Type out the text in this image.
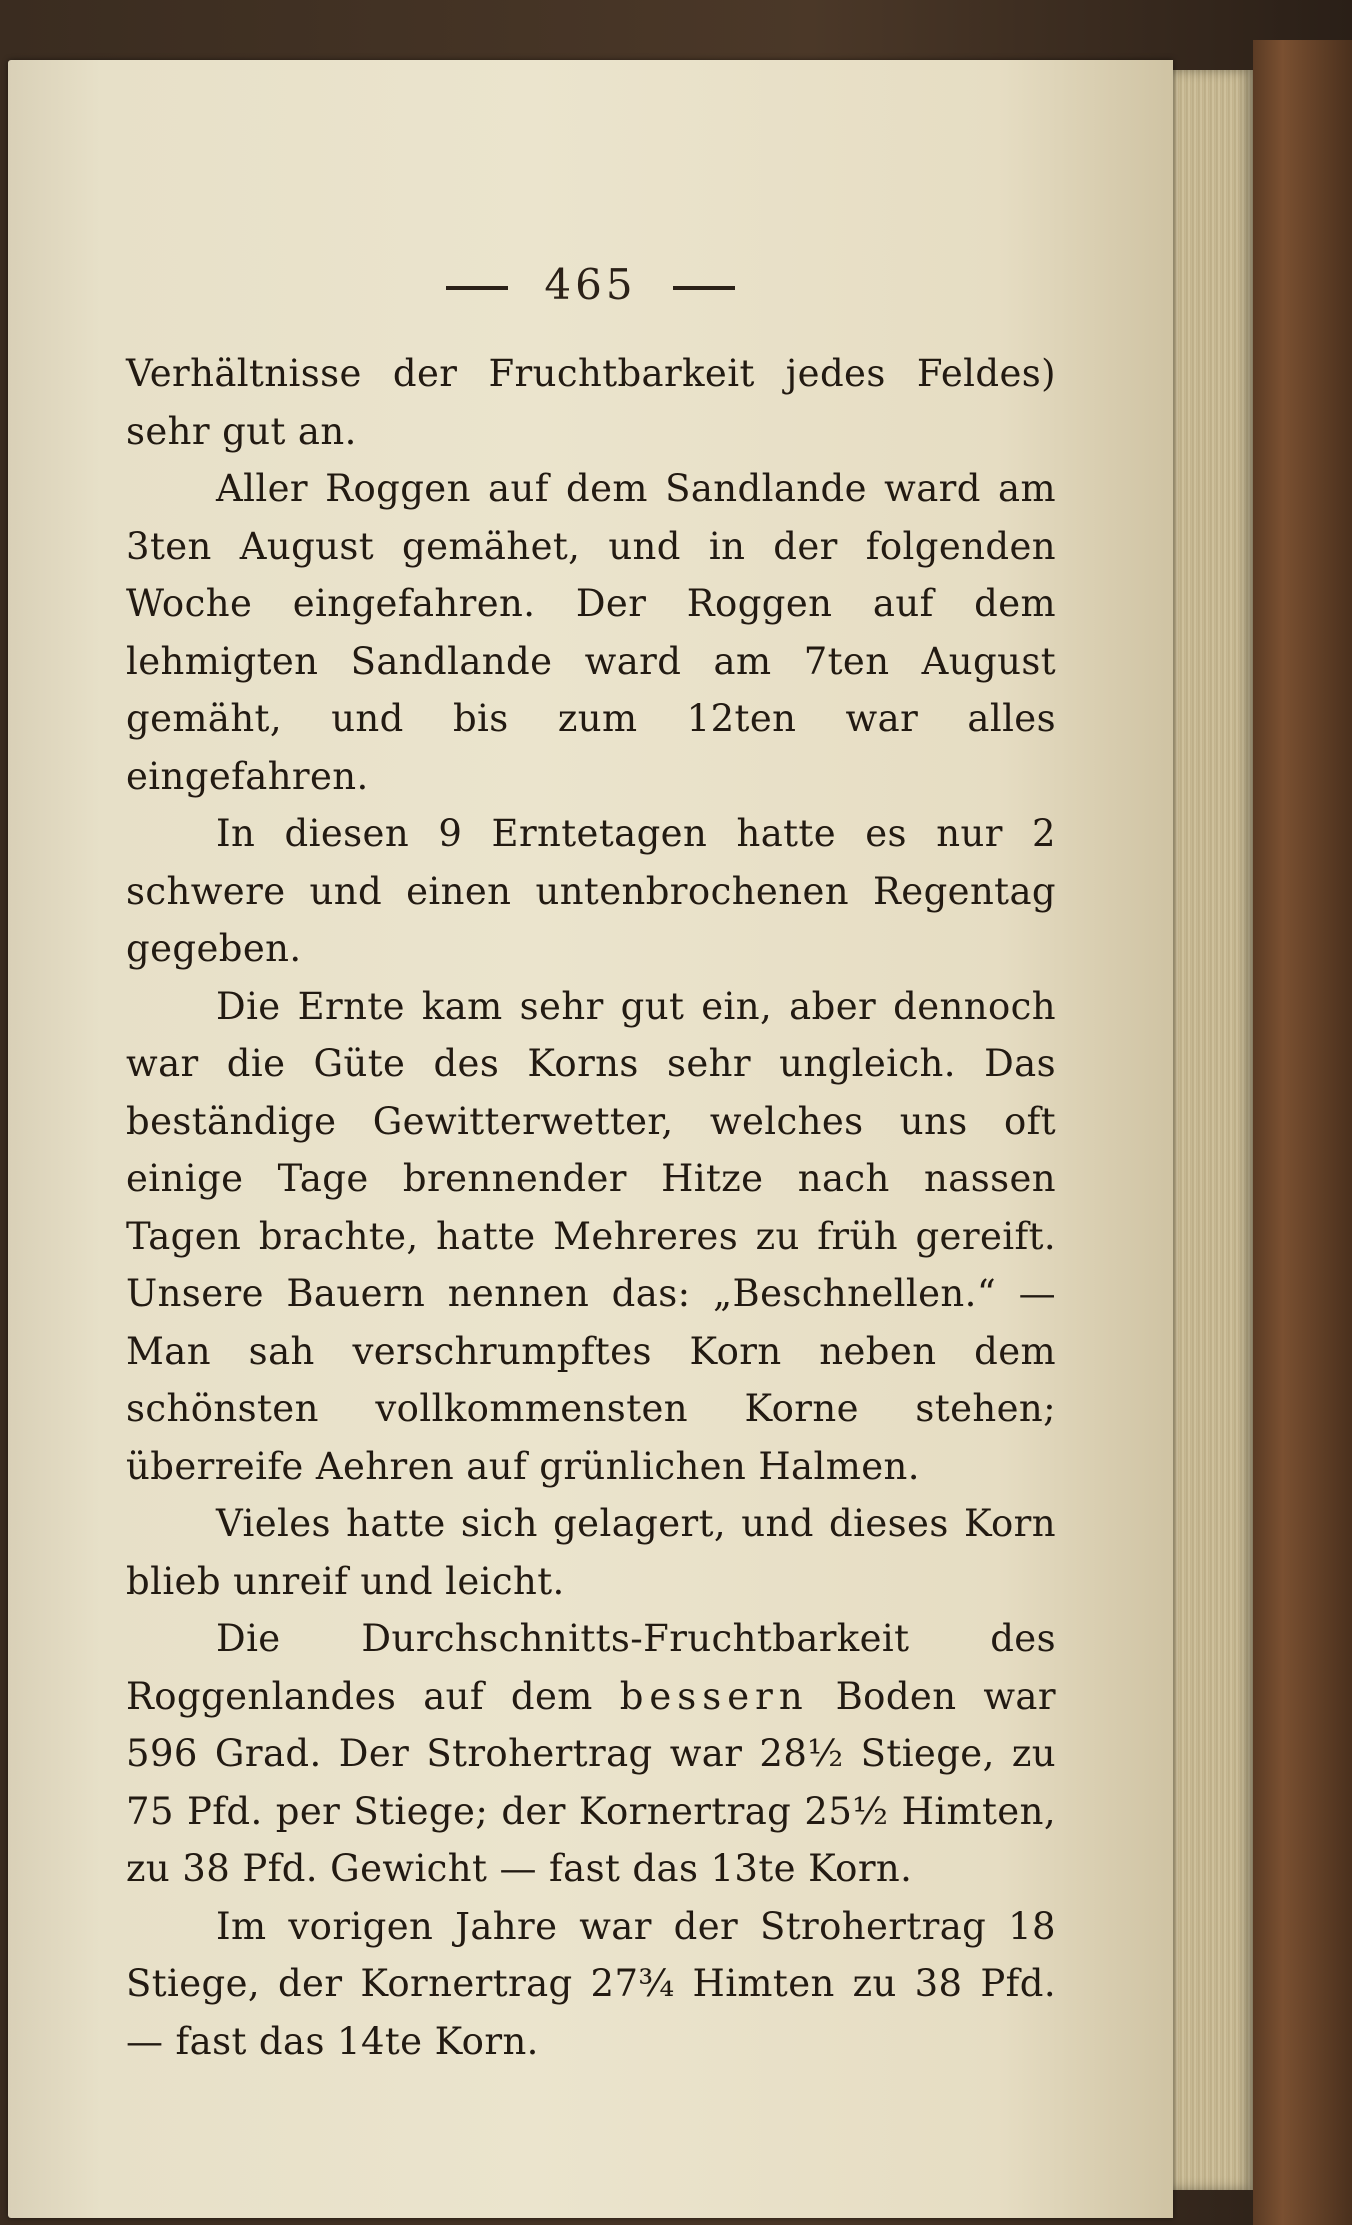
465

Verhältnisse der Fruchtbarkeit jedes Feldes) sehr gut an.

Aller Roggen auf dem Sandlande ward am 3ten August gemähet, und in der folgenden Woche eingefahren. Der Roggen auf dem lehmigten Sandlande ward am 7ten August gemäht, und bis zum 12ten war alles eingefahren.

In diesen 9 Erntetagen hatte es nur 2 schwere und einen untenbrochenen Regentag gegeben.

Die Ernte kam sehr gut ein, aber dennoch war die Güte des Korns sehr ungleich. Das beständige Gewitterwetter, welches uns oft einige Tage brennender Hitze nach nassen Tagen brachte, hatte Mehreres zu früh gereift. Unsere Bauern nennen das: „Beschnellen.“ — Man sah verschrumpftes Korn neben dem schönsten vollkommensten Korne stehen; überreife Aehren auf grünlichen Halmen.

Vieles hatte sich gelagert, und dieses Korn blieb unreif und leicht.

Die Durchschnitts-Fruchtbarkeit des Roggenlandes auf dem bessern Boden war 596 Grad. Der Strohertrag war 28½ Stiege, zu 75 Pfd. per Stiege; der Kornertrag 25½ Himten, zu 38 Pfd. Gewicht — fast das 13te Korn.

Im vorigen Jahre war der Strohertrag 18 Stiege, der Kornertrag 27¾ Himten zu 38 Pfd. — fast das 14te Korn.
